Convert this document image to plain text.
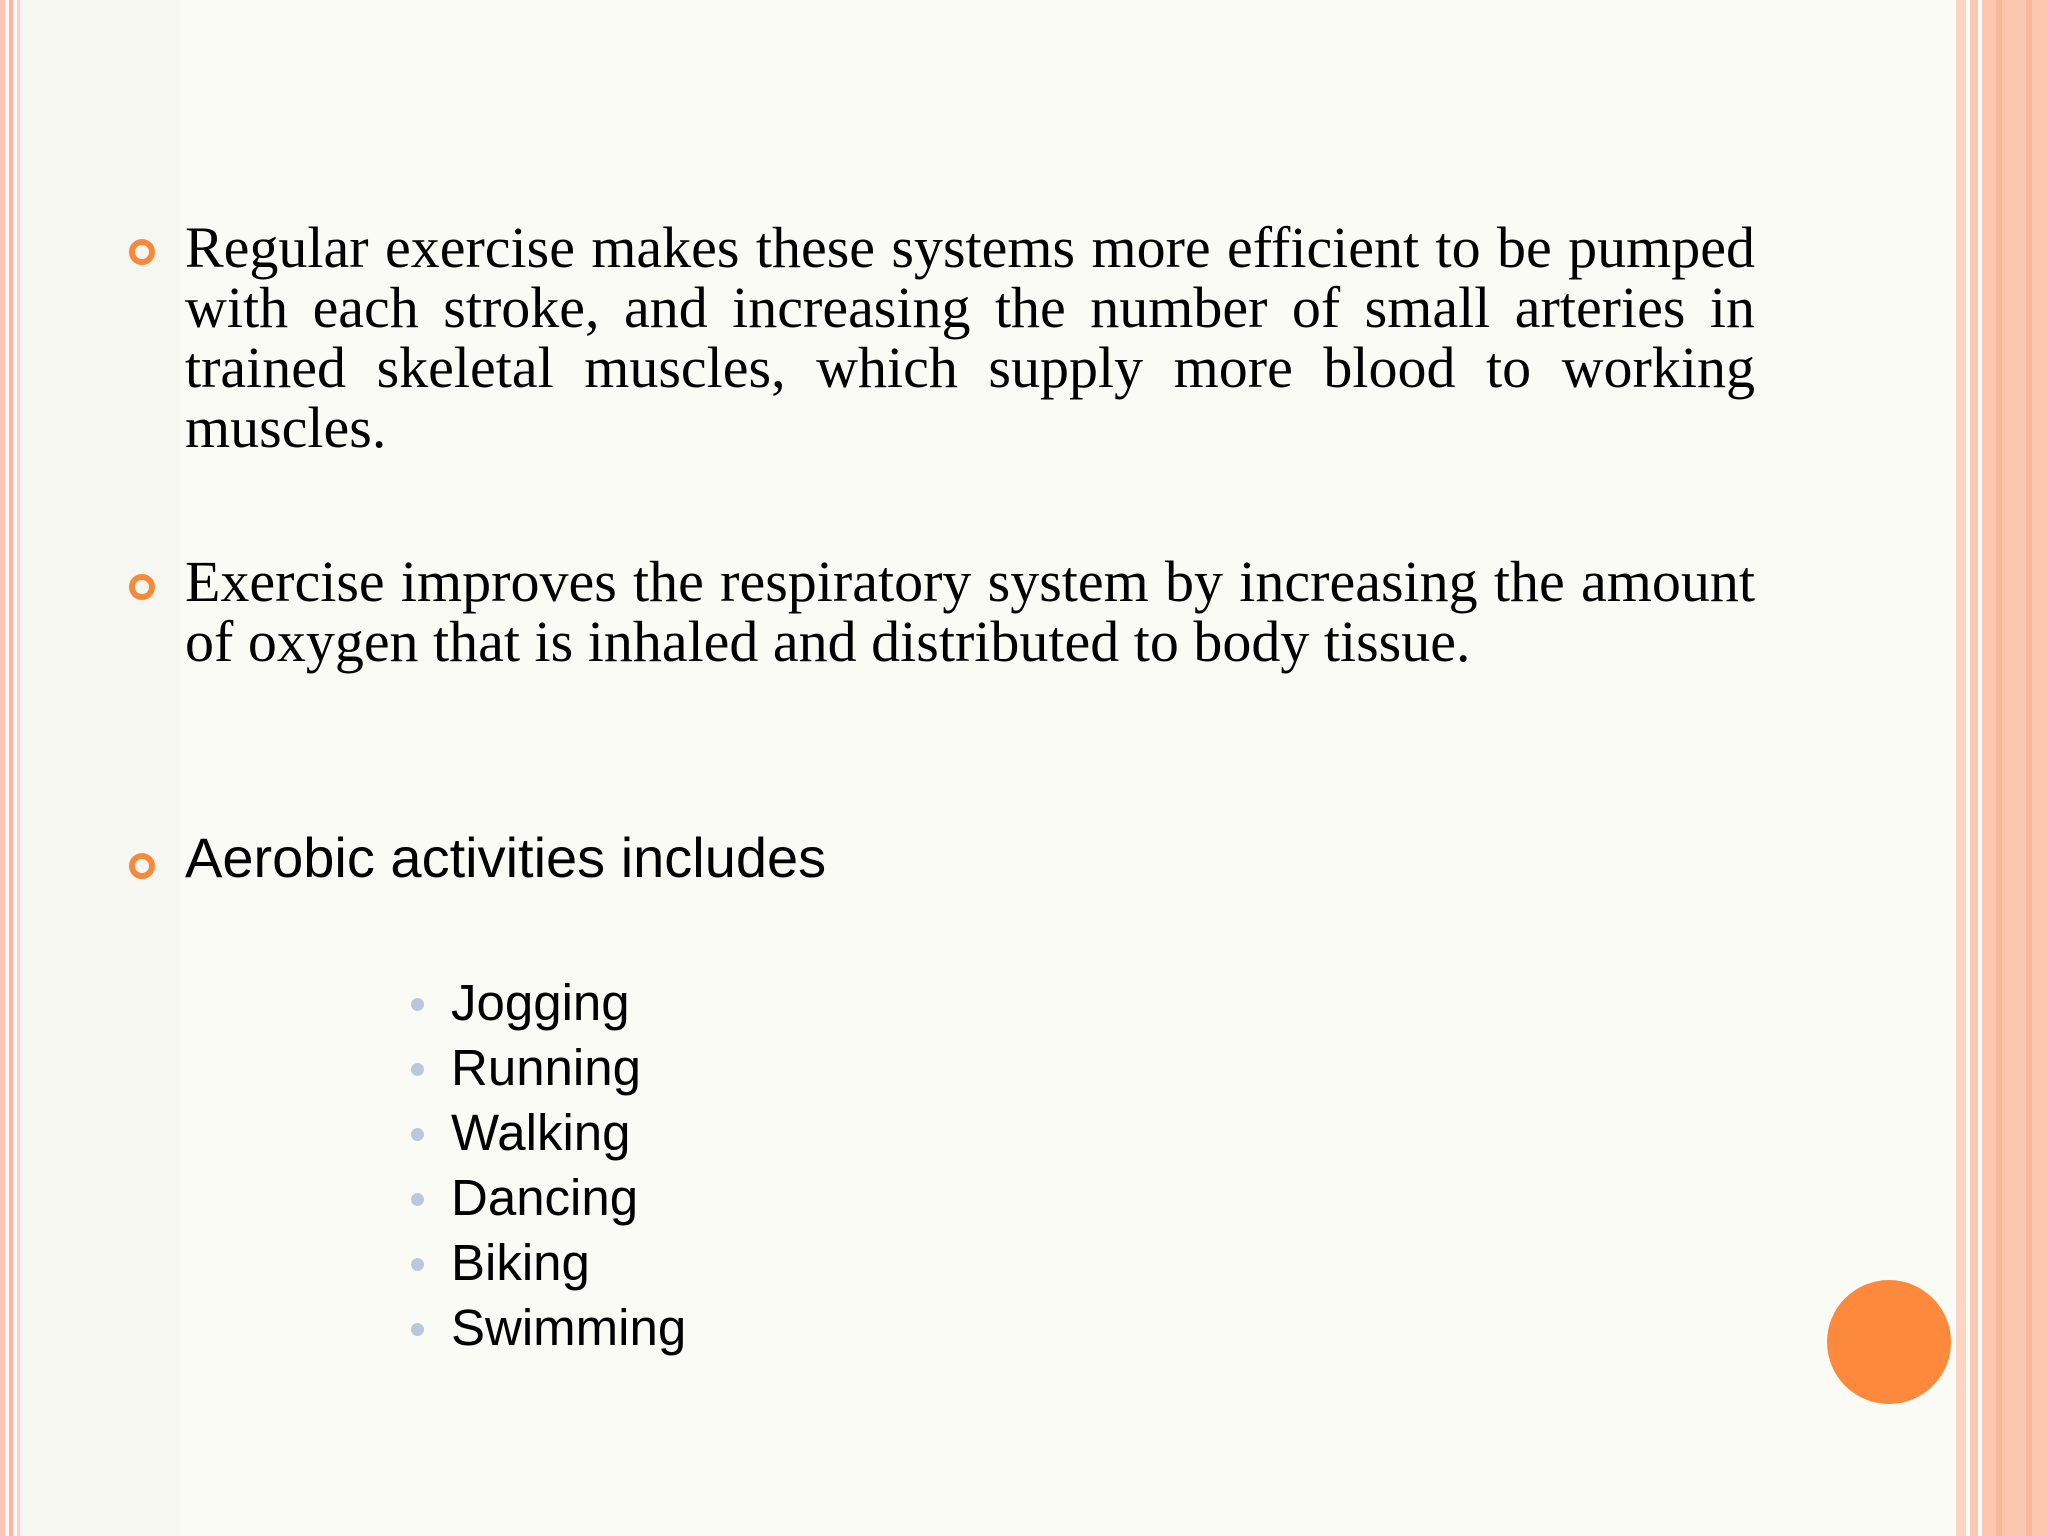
Regular exercise makes these systems more efficient to be pumped with each stroke, and increasing the number of small arteries in trained skeletal muscles, which supply more blood to working muscles.
Exercise improves the respiratory system by increasing the amount of oxygen that is inhaled and distributed to body tissue.
Aerobic activities includes
Jogging
Running
Walking
Dancing
Biking
Swimming
